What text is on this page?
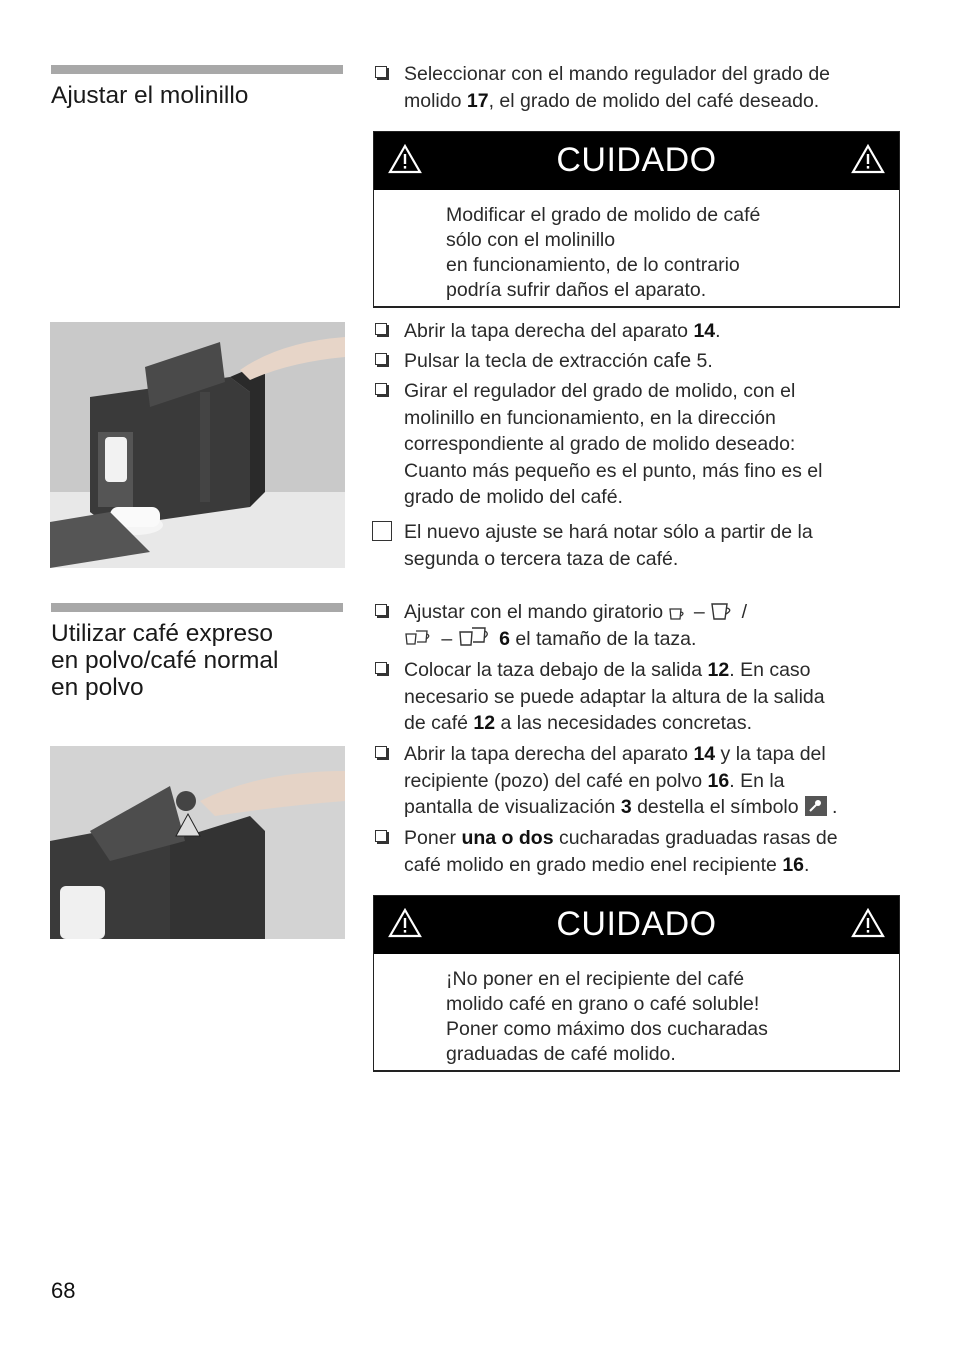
Ajustar el molinillo
Seleccionar con el mando regulador del grado de
molido 17, el grado de molido del café deseado.
CUIDADO
Modificar el grado de molido de café
sólo con el molinillo
en funcionamiento, de lo contrario
podría sufrir daños el aparato.
Abrir la tapa derecha del aparato 14.
Pulsar la tecla de extracción cafe 5.
Girar el regulador del grado de molido, con el
molinillo en funcionamiento, en la dirección
correspondiente al grado de molido deseado:
Cuanto más pequeño es el punto, más fino es el
grado de molido del café.
El nuevo ajuste se hará notar sólo a partir de la
segunda o tercera taza de café.
Utilizar café expreso
en polvo/café normal
en polvo
Ajustar con el mando giratorio – /
– 6 el tamaño de la taza.
Colocar la taza debajo de la salida 12. En caso
necesario se puede adaptar la altura de la salida
de café 12 a las necesidades concretas.
Abrir la tapa derecha del aparato 14 y la tapa del
recipiente (pozo) del café en polvo 16. En la
pantalla de visualización 3 destella el símbolo .
Poner una o dos cucharadas graduadas rasas de
café molido en grado medio enel recipiente 16.
CUIDADO
¡No poner en el recipiente del café
molido café en grano o café soluble!
Poner como máximo dos cucharadas
graduadas de café molido.
68
